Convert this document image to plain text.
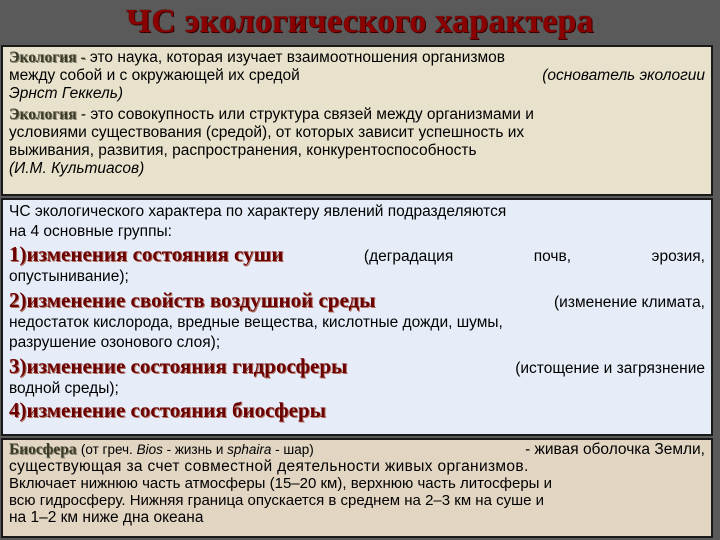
ЧС экологического характера
Экология - это наука, которая изучает взаимоотношения организмов
между собой и с окружающей их средой	(основатель экологии
Эрнст Геккель)
Экология - это совокупность или структура связей между организмами и
условиями существования (средой), от которых зависит успешность их
выживания, развития, распространения, конкурентоспособность
(И.М. Культиасов)
ЧС экологического характера по характеру явлений подразделяются
на 4 основные группы:
1)изменения состояния суши	(деградация	почв,	эрозия,
опустынивание);
2)изменение свойств воздушной среды	(изменение климата,
недостаток кислорода, вредные вещества, кислотные дожди, шумы,
разрушение озонового слоя);
3)изменение состояния гидросферы	(истощение и загрязнение
водной среды);
4)изменение состояния биосферы
Биосфера (от греч. Bios - жизнь и sphaira - шар)	- живая оболочка Земли,
существующая за счет совместной деятельности живых организмов.
Включает нижнюю часть атмосферы (15–20 км), верхнюю часть литосферы и
всю гидросферу. Нижняя граница опускается в среднем на 2–3 км на суше и
на 1–2 км ниже дна океана
